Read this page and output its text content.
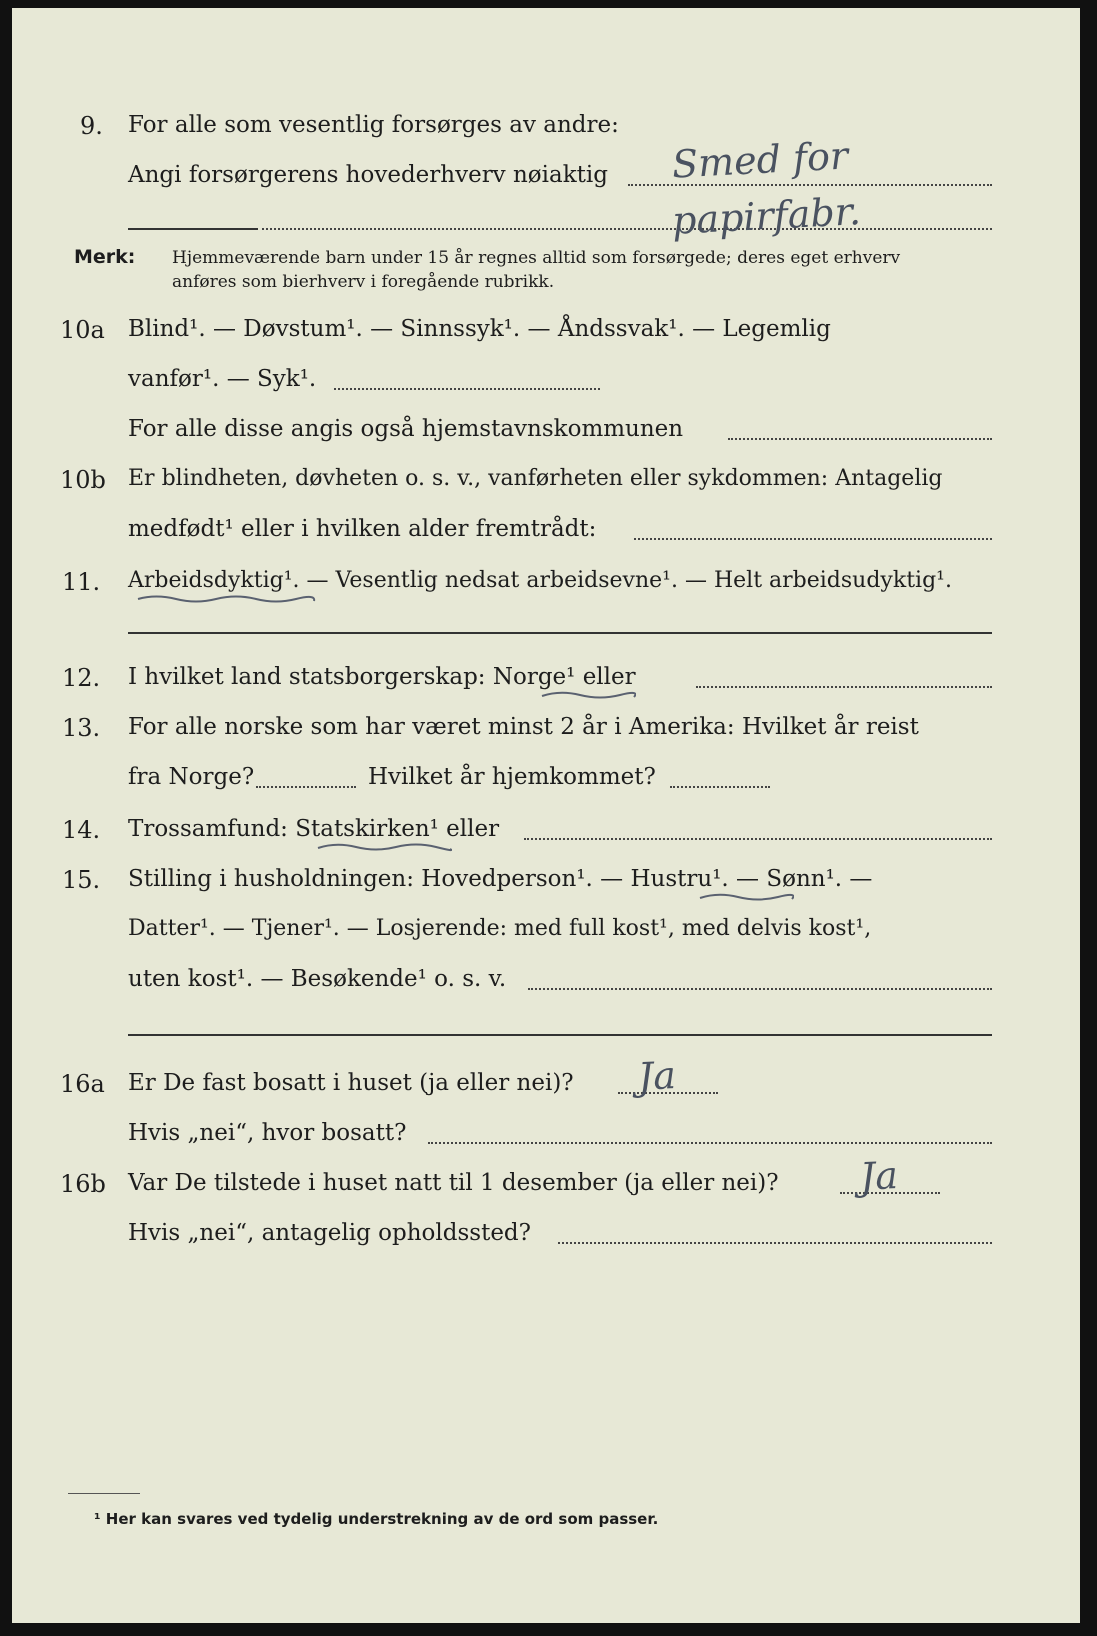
9. For alle som vesentlig forsørges av andre:
Angi forsørgerens hovederhverv nøiaktig Smed for
papirfabr.
Merk: Hjemmeværende barn under 15 år regnes alltid som forsørgede; deres eget erhverv
anføres som bierhverv i foregående rubrikk.
10a Blind¹. — Døvstum¹. — Sinnssyk¹. — Åndssvak¹. — Legemlig
vanfør¹. — Syk¹.
For alle disse angis også hjemstavnskommunen
10b Er blindheten, døvheten o. s. v., vanførheten eller sykdommen: Antagelig
medfødt¹ eller i hvilken alder fremtrådt:
11. Arbeidsdyktig¹. — Vesentlig nedsat arbeidsevne¹. — Helt arbeidsudyktig¹.
12. I hvilket land statsborgerskap: Norge¹ eller
13. For alle norske som har været minst 2 år i Amerika: Hvilket år reist
fra Norge?	Hvilket år hjemkommet?
14. Trossamfund: Statskirken¹ eller
15. Stilling i husholdningen: Hovedperson¹. — Hustru¹. — Sønn¹. —
Datter¹. — Tjener¹. — Losjerende: med full kost¹, med delvis kost¹,
uten kost¹. — Besøkende¹ o. s. v.
16a Er De fast bosatt i huset (ja eller nei)? Ja
Hvis „nei“, hvor bosatt?
16b Var De tilstede i huset natt til 1 desember (ja eller nei)? Ja
Hvis „nei“, antagelig opholdssted?
¹ Her kan svares ved tydelig understrekning av de ord som passer.
